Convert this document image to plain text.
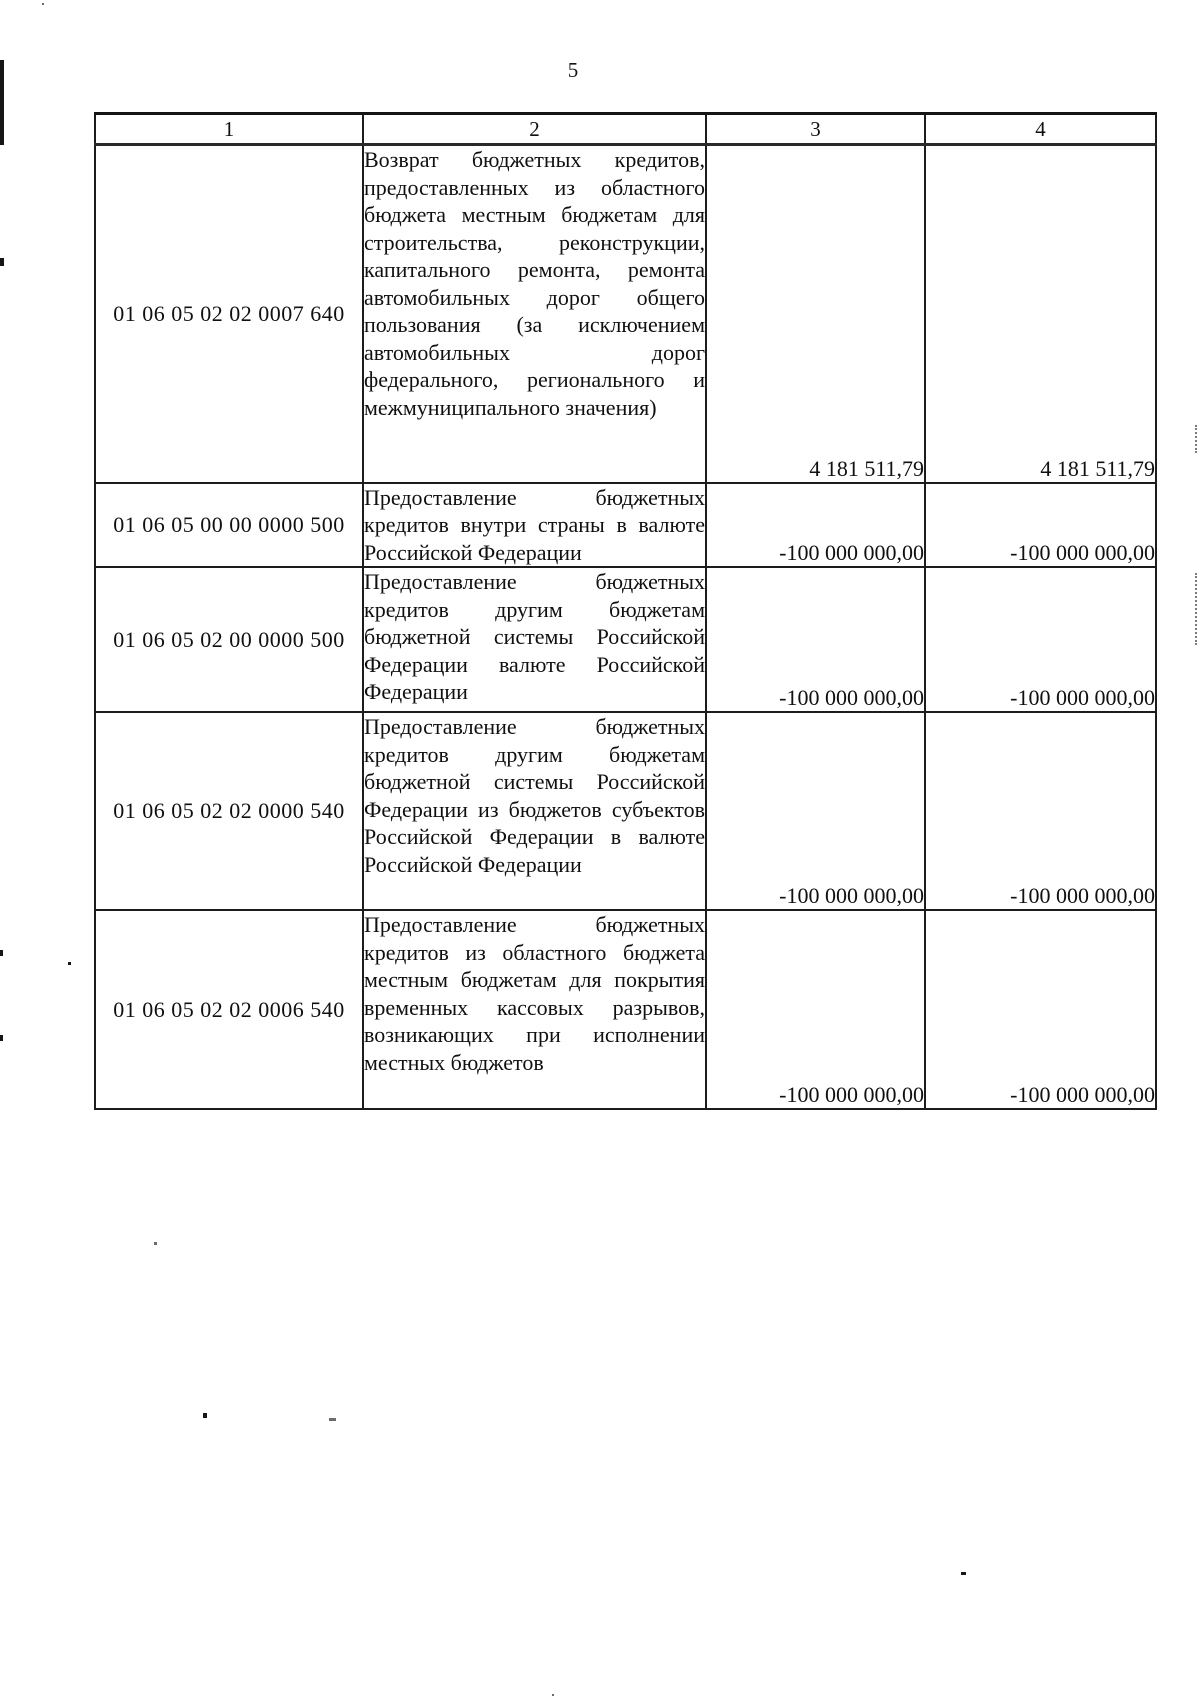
5
1	2	3	4
01 06 05 02 02 0007 640	Возврат бюджетных кредитов, предоставленных из областного бюджета местным бюджетам для строительства, реконструкции, капитального ремонта, ремонта автомобильных дорог общего пользования (за исключением автомобильных дорог федерального, регионального и межмуниципального значения)	4 181 511,79	4 181 511,79
01 06 05 00 00 0000 500	Предоставление бюджетных кредитов внутри страны в валюте Российской Федерации	-100 000 000,00	-100 000 000,00
01 06 05 02 00 0000 500	Предоставление бюджетных кредитов другим бюджетам бюджетной системы Российской Федерации валюте Российской Федерации	-100 000 000,00	-100 000 000,00
01 06 05 02 02 0000 540	Предоставление бюджетных кредитов другим бюджетам бюджетной системы Российской Федерации из бюджетов субъектов Российской Федерации в валюте Российской Федерации	-100 000 000,00	-100 000 000,00
01 06 05 02 02 0006 540	Предоставление бюджетных кредитов из областного бюджета местным бюджетам для покрытия временных кассовых разрывов, возникающих при исполнении местных бюджетов	-100 000 000,00	-100 000 000,00
